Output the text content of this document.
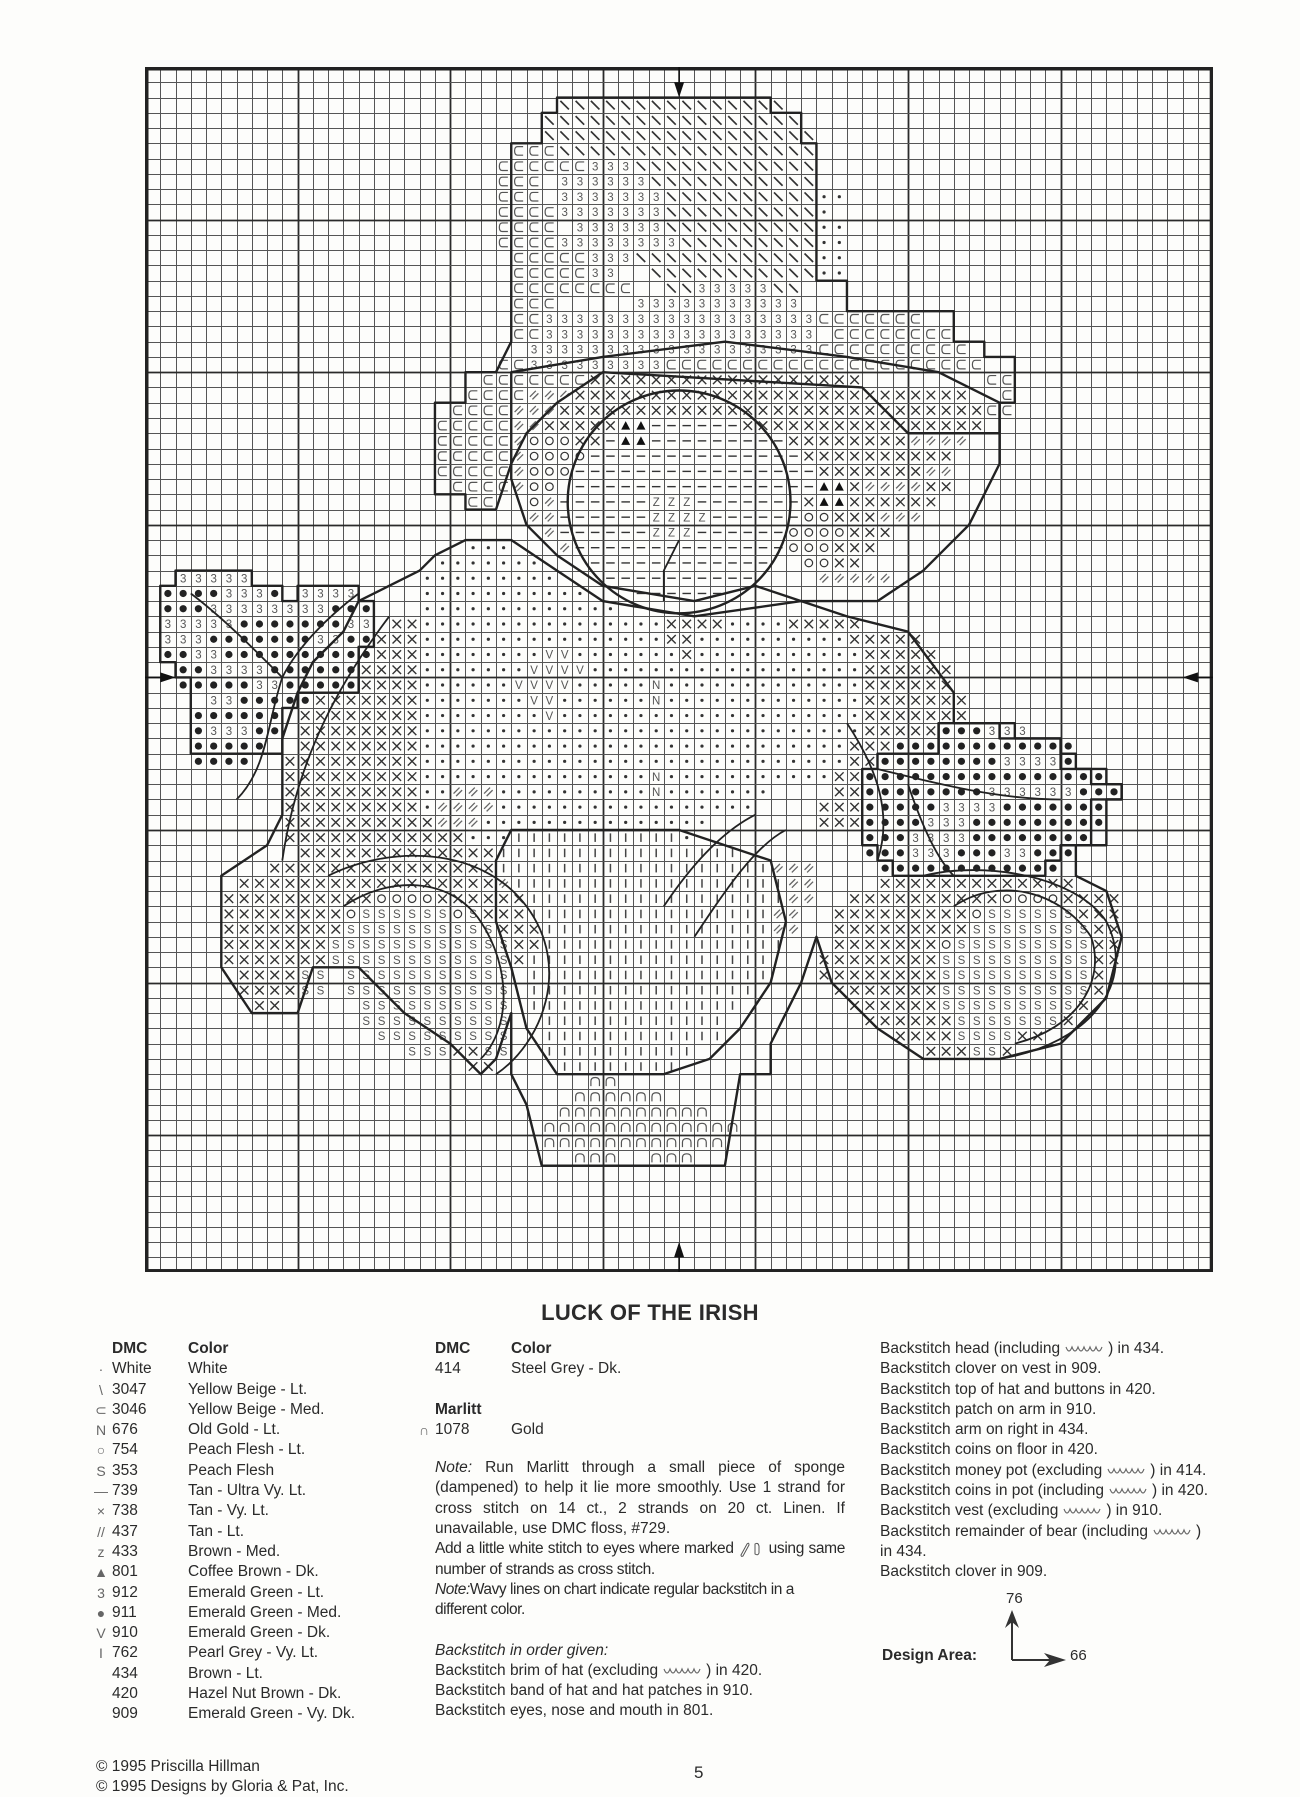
3 3 3
3 3 3 3 3 3
3 3 3 3 3 3 3
3 3 3 3 3 3 3
3 3 3 3 3 3
3 3 3 3 3 3 3 3
3 3 3
3 3
3 3 3 3 3
3 3 3 3 3 3 3 3 3 3 3
3 3 3 3 3 3 3 3 3 3 3 3 3 3 3 3 3 3
3 3 3 3 3 3 3 3 3 3 3 3 3 3 3 3 3 3
3 3 3 3 3 3 3 3 3 3 3 3 3 3 3 3 3 3 3
3 3 3 3 3 3 3 3 3
Z Z Z
Z Z Z Z
Z Z Z
V V
V V V V
V V V V
V V
V
N
N
N
N
3 3 3
3 3 3 3
3 3 3 3 3 3
3 3 3 3
3 3 3
3 3 3 3
3 3 3	3 3
3 3 3 3 3
3 3 3
3 3 3 3 3
3 3 3 3 3
3 3 3
3 3
3 3 3 3
3 3 3 3
3 3 3
3 3
3 3
3 3
3 3
3 3 3
S S S S S S S
S S S S S S S S S S
S S S S S S S S S S S S
S S S S S S S S S S S S
S S S S S S S S S S S
S S S S S S S S S S S
S S S S S S S S S S
S S S S S S S S S S
S S S S S S
S S S
S S S
S S
S S
S S
S S S S S S
S S S S S S S S
S S S S S S S S S
S S S S S S S S S S
S S S S S S S S S S
S S S S S S S S S S
S S S S S S S S S
S S S S S S S
S S S S
S S
LUCK OF THE IRISH
DMC	Color
· White	White
\ 3047	Yellow Beige - Lt.
⊂ 3046	Yellow Beige - Med.
N 676	Old Gold - Lt.
○ 754	Peach Flesh - Lt.
S 353	Peach Flesh
— 739	Tan - Ultra Vy. Lt.
× 738	Tan - Vy. Lt.
// 437	Tan - Lt.
z 433	Brown - Med.
▲ 801	Coffee Brown - Dk.
3 912	Emerald Green - Lt.
● 911	Emerald Green - Med.
V 910	Emerald Green - Dk.
I 762	Pearl Grey - Vy. Lt.
434	Brown - Lt.
420	Hazel Nut Brown - Dk.
909	Emerald Green - Vy. Dk.
DMC	Color
414	Steel Grey - Dk.
Marlitt
∩ 1078	Gold
Note: Run Marlitt through a small piece of sponge (dampened) to help it lie more smoothly. Use 1 strand for cross stitch on 14 ct., 2 strands on 20 ct. Linen. If unavailable, use DMC floss, #729.
Add a little white stitch to eyes where marked using same number of strands as cross stitch.
Note:Wavy lines on chart indicate regular backstitch in a different color.
Backstitch in order given:
Backstitch brim of hat (excluding	) in 420.
Backstitch band of hat and hat patches in 910.
Backstitch eyes, nose and mouth in 801.
Backstitch head (including	) in 434.
Backstitch clover on vest in 909.
Backstitch top of hat and buttons in 420.
Backstitch patch on arm in 910.
Backstitch arm on right in 434.
Backstitch coins on floor in 420.
Backstitch money pot (excluding	) in 414.
Backstitch coins in pot (including	) in 420.
Backstitch vest (excluding	) in 910.
Backstitch remainder of bear (including	)
in 434.
Backstitch clover in 909.
76
Design Area:	66
© 1995 Priscilla Hillman
© 1995 Designs by Gloria & Pat, Inc.
5
